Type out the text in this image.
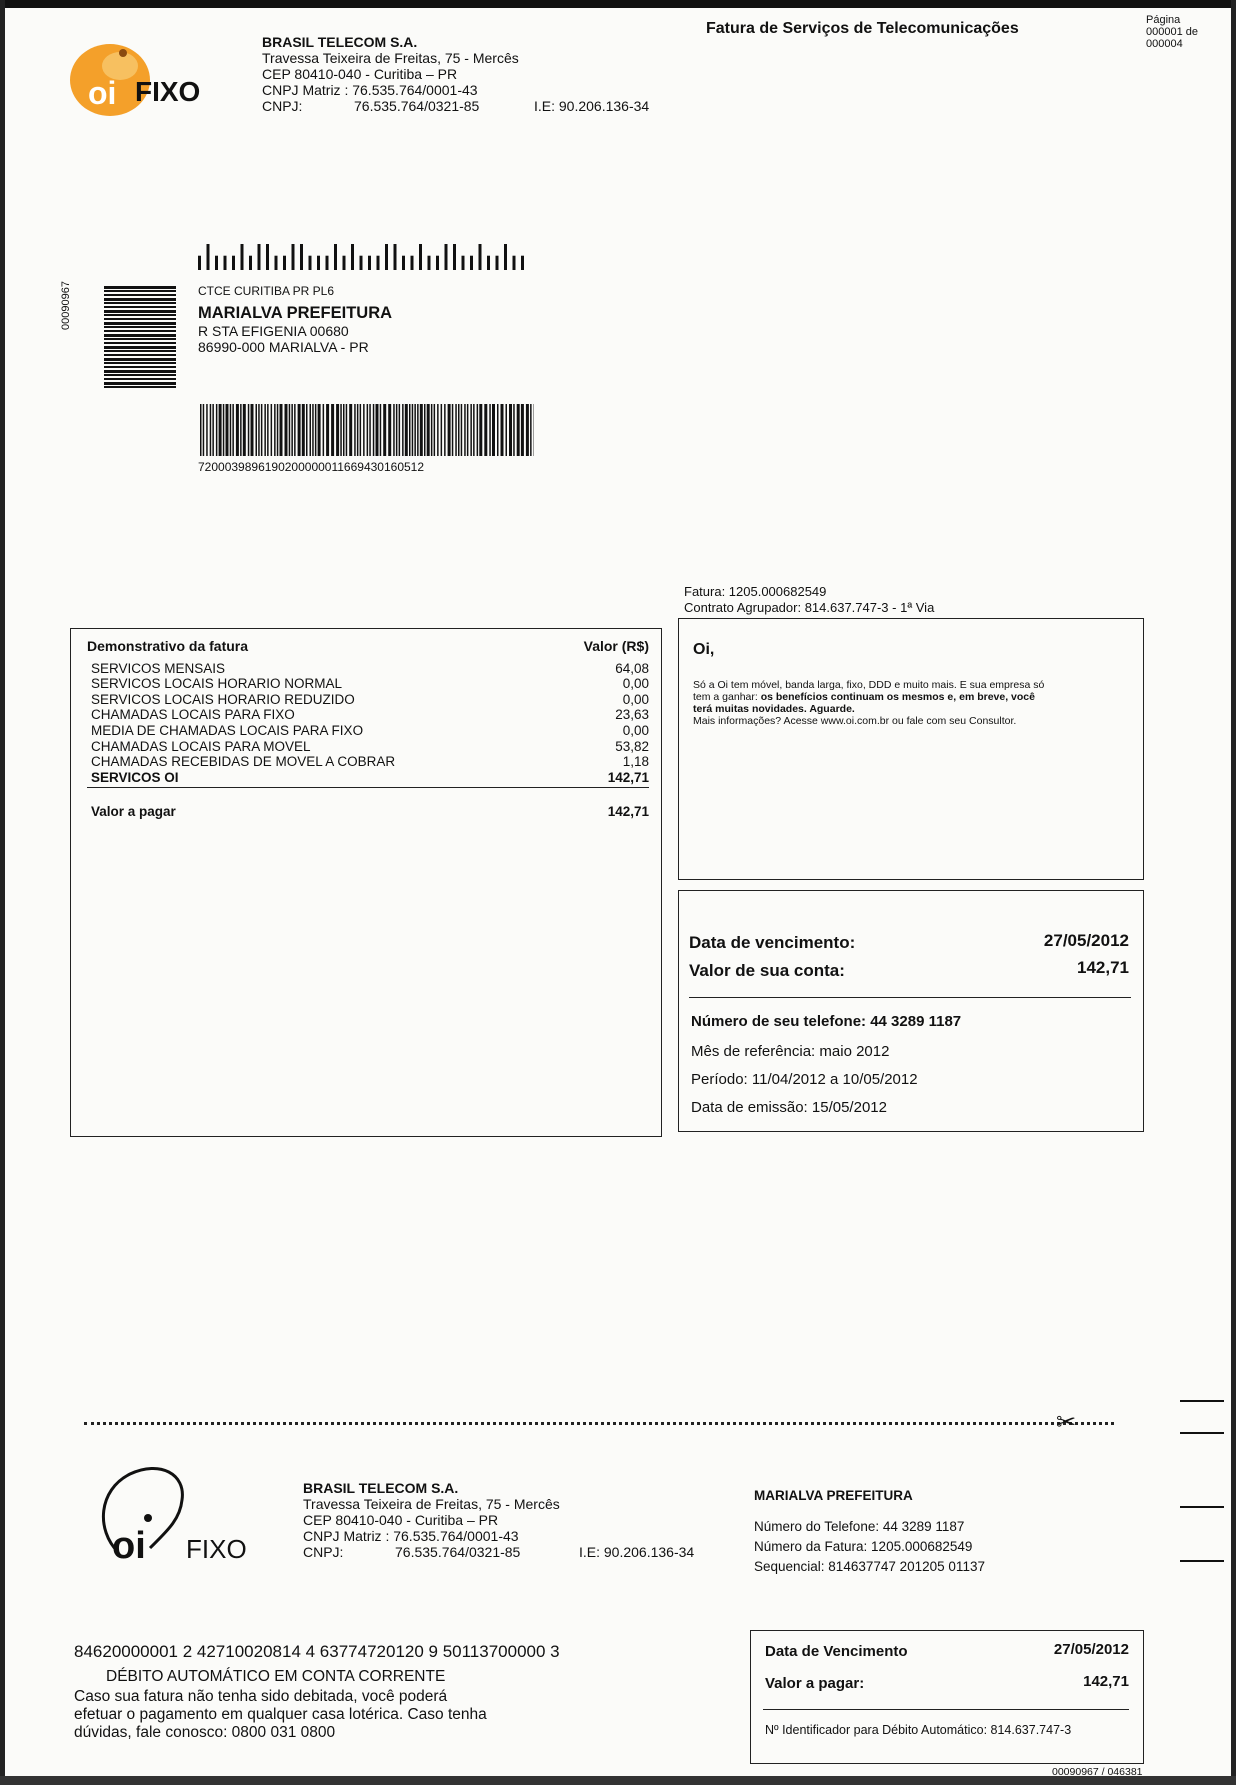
oi FIXO
BRASIL TELECOM S.A.
Travessa Teixeira de Freitas, 75 - Mercês
CEP 80410-040 - Curitiba – PR
CNPJ Matriz : 76.535.764/0001-43
CNPJ:	76.535.764/0321-85	I.E: 90.206.136-34
Fatura de Serviços de Telecomunicações	Página
000001 de
000004
00090967	CTCE CURITIBA PR PL6
MARIALVA PREFEITURA
R STA EFIGENIA 00680
86990-000 MARIALVA - PR
72000398961902000000116694301605​12
Fatura: 1205.000682549
Contrato Agrupador: 814.637.747-3 - 1ª Via
Demonstrativo da fatura	Valor (R$)
SERVICOS MENSAIS	64,08
SERVICOS LOCAIS HORARIO NORMAL	0,00
SERVICOS LOCAIS HORARIO REDUZIDO	0,00
CHAMADAS LOCAIS PARA FIXO	23,63
MEDIA DE CHAMADAS LOCAIS PARA FIXO	0,00
CHAMADAS LOCAIS PARA MOVEL	53,82
CHAMADAS RECEBIDAS DE MOVEL A COBRAR	1,18
SERVICOS OI	142,71
Valor a pagar	142,71
Oi,
Só a Oi tem móvel, banda larga, fixo, DDD e muito mais. E sua empresa só
tem a ganhar: os benefícios continuam os mesmos e, em breve, você
terá muitas novidades. Aguarde.
Mais informações? Acesse www.oi.com.br ou fale com seu Consultor.
Data de vencimento:	27/05/2012
Valor de sua conta:	142,71
Número de seu telefone: 44 3289 1187
Mês de referência: maio 2012
Período: 11/04/2012 a 10/05/2012
Data de emissão: 15/05/2012
✂
oi FIXO
BRASIL TELECOM S.A.
Travessa Teixeira de Freitas, 75 - Mercês
CEP 80410-040 - Curitiba – PR
CNPJ Matriz : 76.535.764/0001-43
CNPJ:	76.535.764/0321-85	I.E: 90.206.136-34
MARIALVA PREFEITURA
Número do Telefone: 44 3289 1187
Número da Fatura: 1205.000682549
Sequencial: 814637747 201205 01137
84620000001 2 42710020814 4 63774720120 9 50113700000 3
DÉBITO AUTOMÁTICO EM CONTA CORRENTE
Caso sua fatura não tenha sido debitada, você poderá
efetuar o pagamento em qualquer casa lotérica. Caso tenha
dúvidas, fale conosco: 0800 031 0800
Data de Vencimento	27/05/2012
Valor a pagar:	142,71
Nº Identificador para Débito Automático: 814.637.747-3
00090967 / 046381
